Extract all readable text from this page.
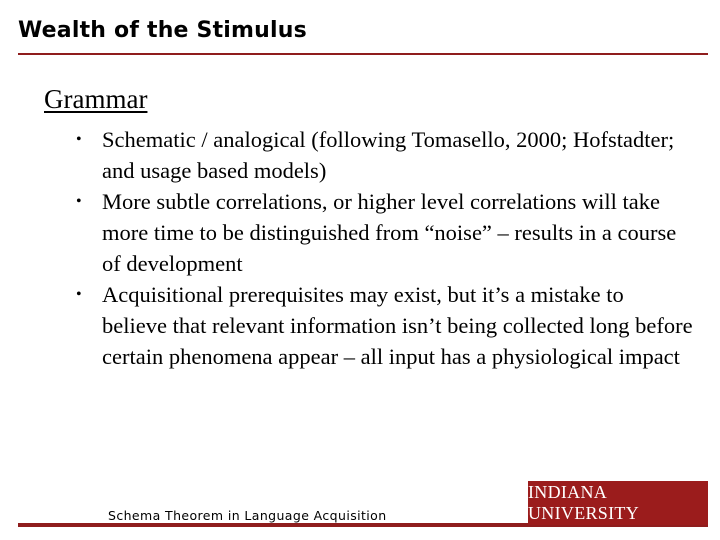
Wealth of the Stimulus
Grammar
• Schematic / analogical (following Tomasello, 2000; Hofstadter; and usage based models)
• More subtle correlations, or higher level correlations will take more time to be distinguished from “noise” – results in a course of development
• Acquisitional prerequisites may exist, but it’s a mistake to believe that relevant information isn’t being collected long before certain phenomena appear – all input has a physiological impact
Schema Theorem in Language Acquisition
INDIANA UNIVERSITY
